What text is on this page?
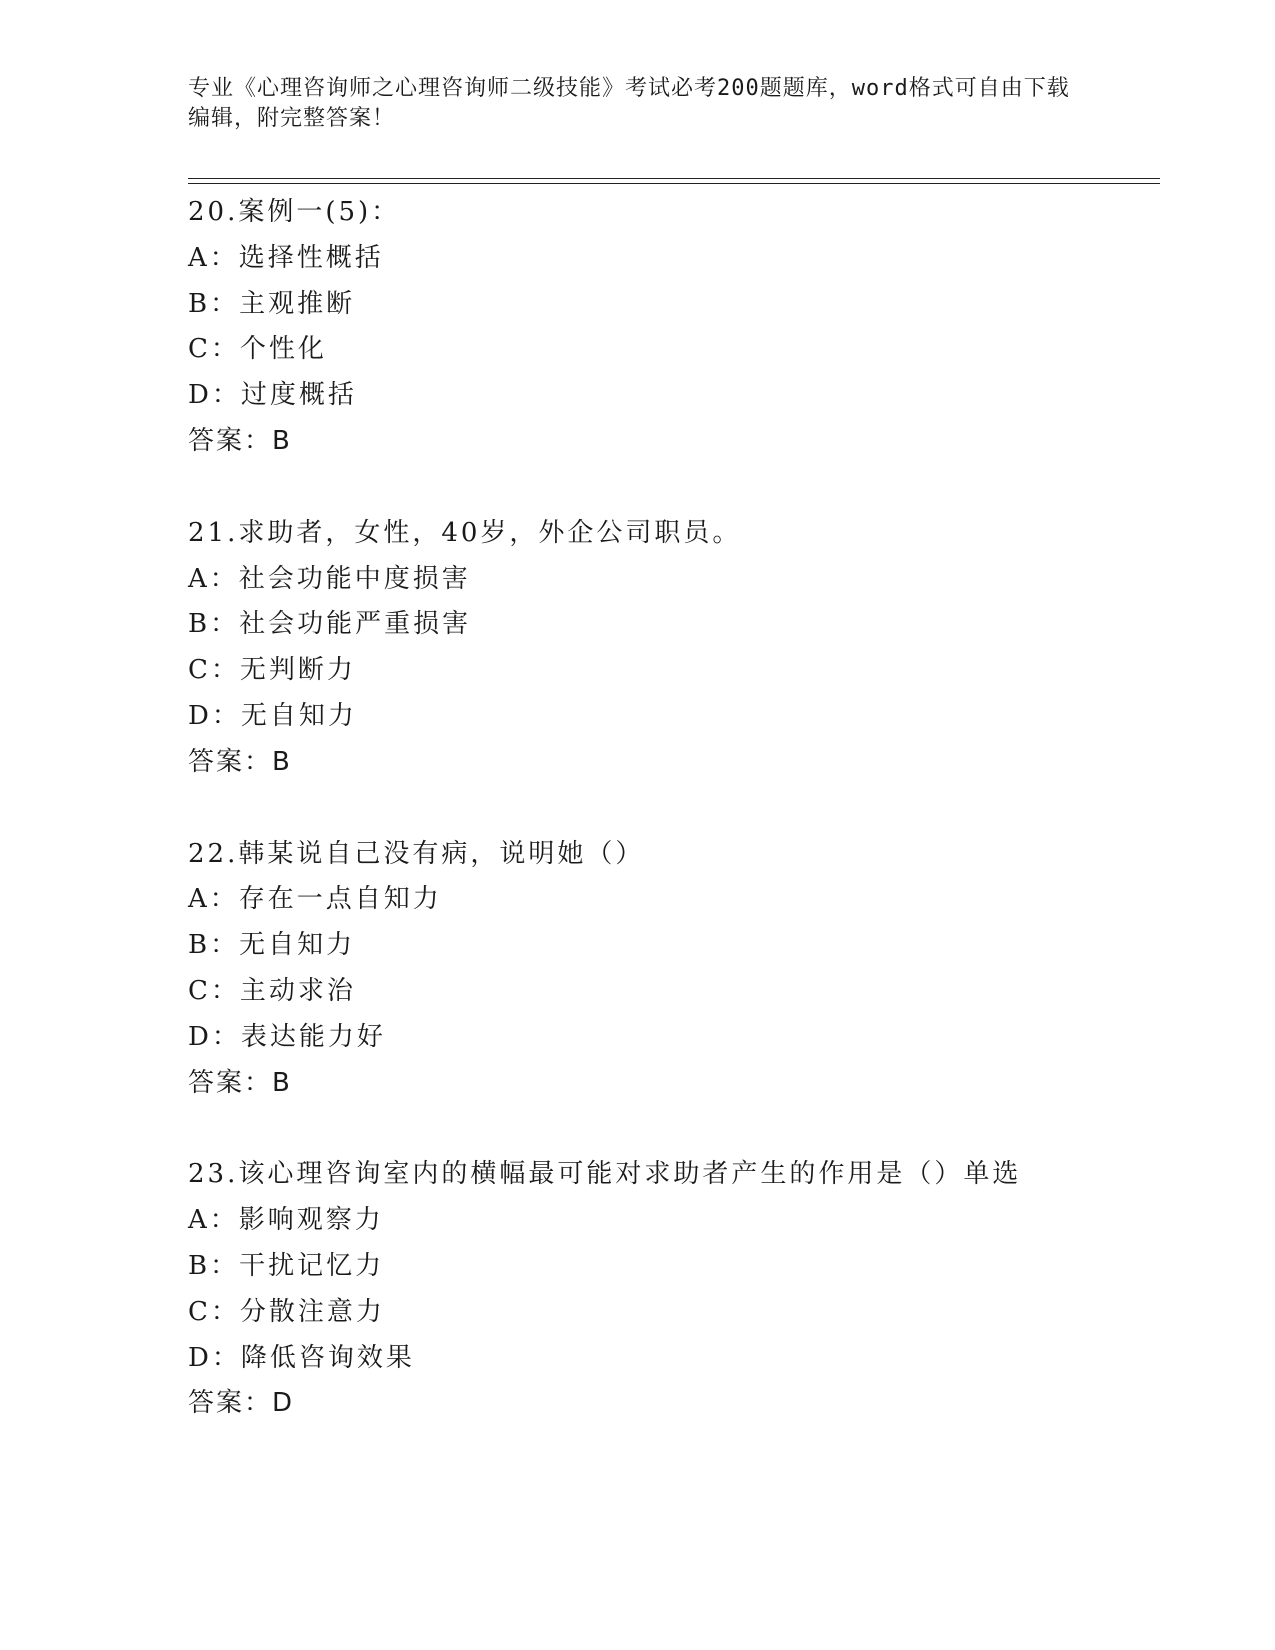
专业《心理咨询师之心理咨询师二级技能》考试必考200题题库，word格式可自由下载编辑，附完整答案！
20.案例一(5)：
A：选择性概括
B：主观推断
C：个性化
D：过度概括
答案：B
21.求助者，女性，40岁，外企公司职员。
A：社会功能中度损害
B：社会功能严重损害
C：无判断力
D：无自知力
答案：B
22.韩某说自己没有病，说明她（）
A：存在一点自知力
B：无自知力
C：主动求治
D：表达能力好
答案：B
23.该心理咨询室内的横幅最可能对求助者产生的作用是（）单选
A：影响观察力
B：干扰记忆力
C：分散注意力
D：降低咨询效果
答案：D
